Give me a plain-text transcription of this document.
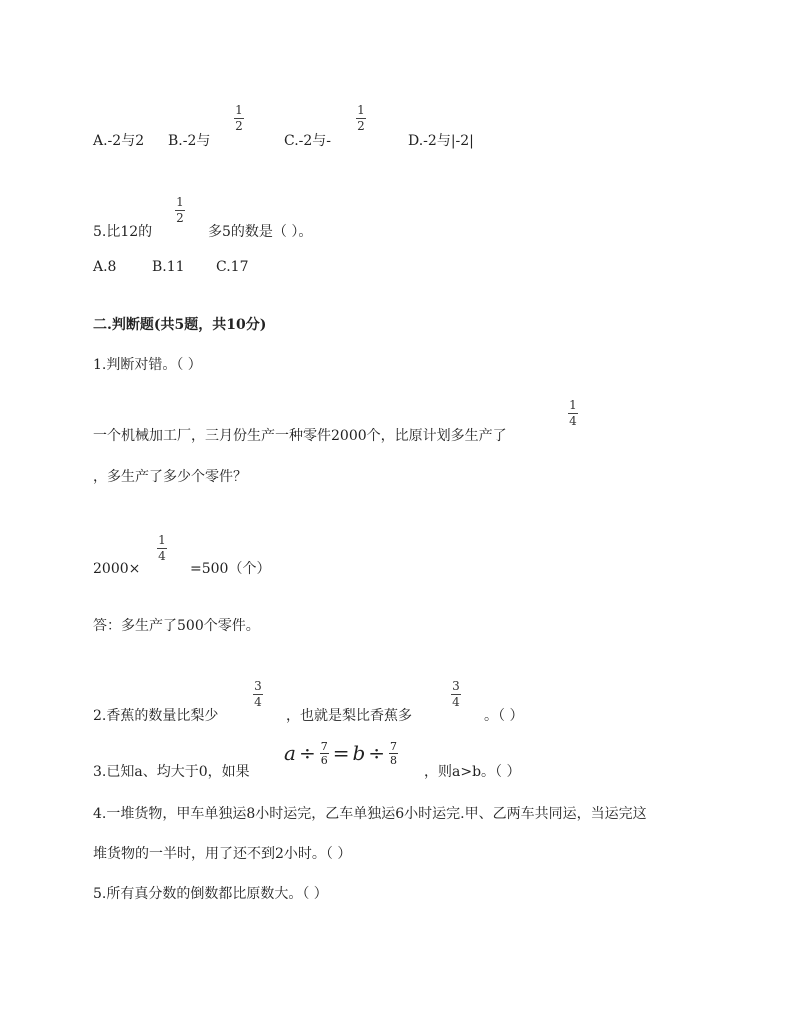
A.-2与2 B.-2与
1
2
C.-2与-
1
2
D.-2与|-2|
5.比12的
1
2
多5的数是（ ）。
A.8	B.11 C.17
二.判断题(共5题，共10分)
1.判断对错。（ ）
一个机械加工厂，三月份生产一种零件2000个，比原计划多生产了
1
4
，多生产了多少个零件？
2000×
1
4
=500（个）
答：多生产了500个零件。
2.香蕉的数量比梨少
3
4
，也就是梨比香蕉多
3
4
。（ ）
3.已知a、均大于0，如果
a ÷ 7
6 = b ÷ 7
8
，则a>b。（ ）
4.一堆货物，甲车单独运8小时运完，乙车单独运6小时运完.甲、乙两车共同运，当运完这
堆货物的一半时，用了还不到2小时。（ ）
5.所有真分数的倒数都比原数大。（ ）
